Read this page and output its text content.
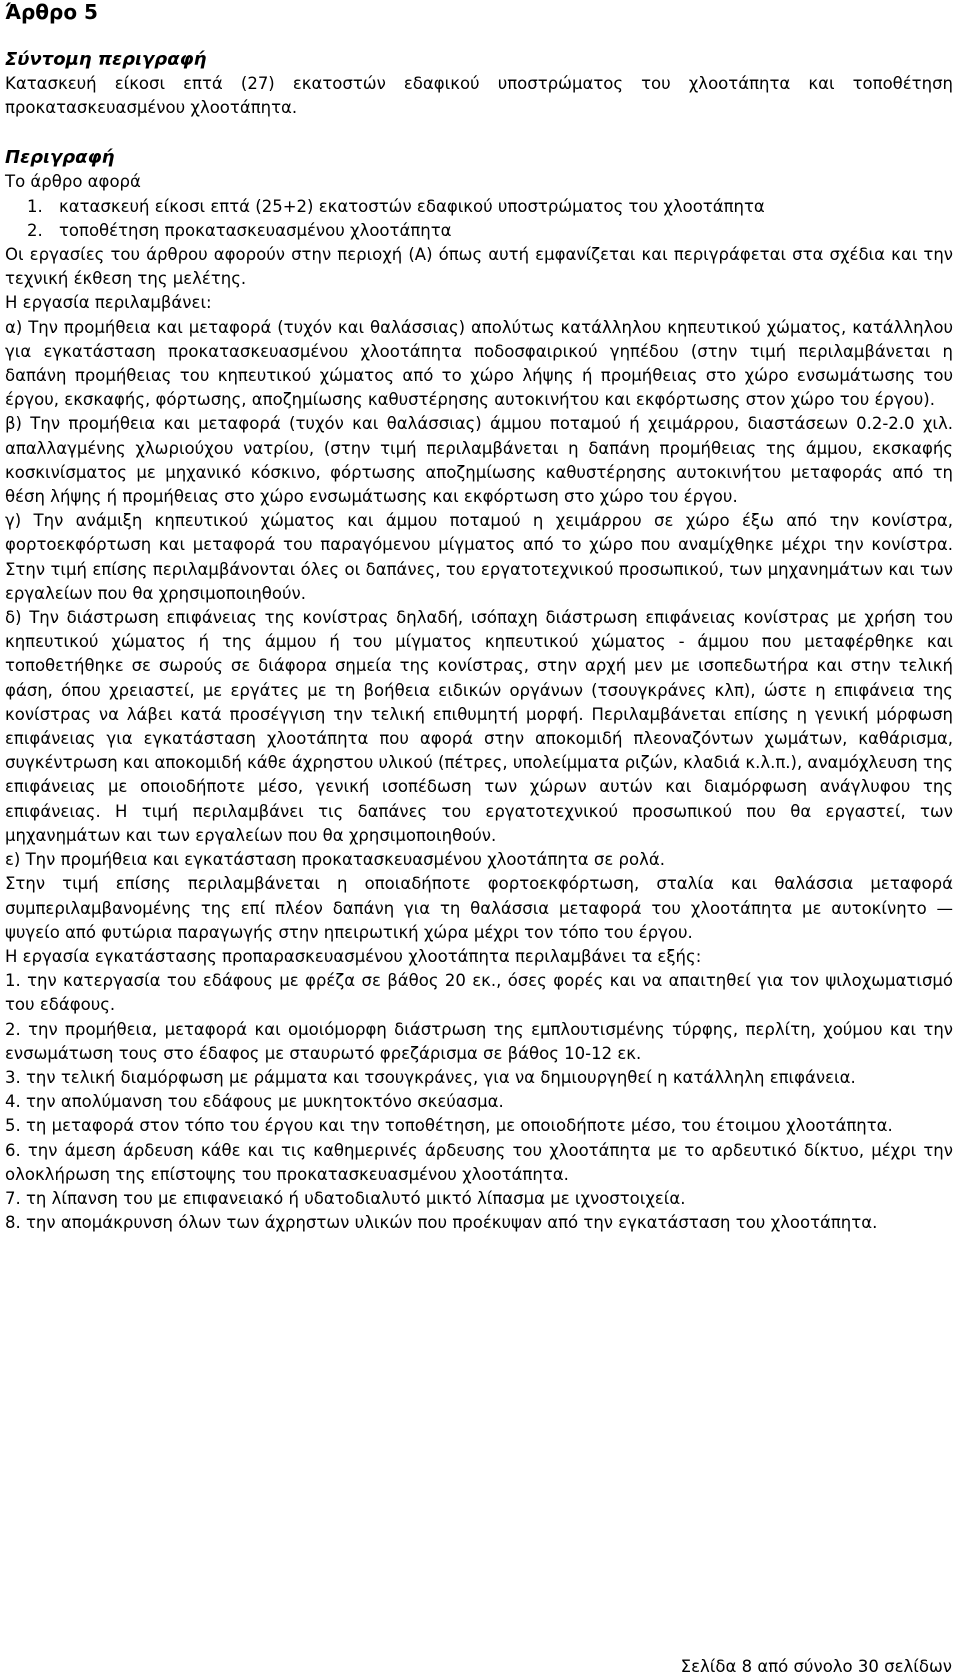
Άρθρο 5
Σύντομη περιγραφή

Κατασκευή είκοσι επτά (27) εκατοστών εδαφικού υποστρώματος του χλοοτάπητα και τοποθέτηση προκατασκευασμένου χλοοτάπητα.

Περιγραφή

Το άρθρο αφορά

1. κατασκευή είκοσι επτά (25+2) εκατοστών εδαφικού υποστρώματος του χλοοτάπητα
2. τοποθέτηση προκατασκευασμένου χλοοτάπητα

Οι εργασίες του άρθρου αφορούν στην περιοχή (Α) όπως αυτή εμφανίζεται και περιγράφεται στα σχέδια και την τεχνική έκθεση της μελέτης.

Η εργασία περιλαμβάνει:

α) Την προμήθεια και μεταφορά (τυχόν και θαλάσσιας) απολύτως κατάλληλου κηπευτικού χώματος, κατάλληλου για εγκατάσταση προκατασκευασμένου χλοοτάπητα ποδοσφαιρικού γηπέδου (στην τιμή περιλαμβάνεται η δαπάνη προμήθειας του κηπευτικού χώματος από το χώρο λήψης ή προμήθειας στο χώρο ενσωμάτωσης του έργου, εκσκαφής, φόρτωσης, αποζημίωσης καθυστέρησης αυτοκινήτου και εκφόρτωσης στον χώρο του έργου).

β) Την προμήθεια και μεταφορά (τυχόν και θαλάσσιας) άμμου ποταμού ή χειμάρρου, διαστάσεων 0.2-2.0 χιλ. απαλλαγμένης χλωριούχου νατρίου, (στην τιμή περιλαμβάνεται η δαπάνη προμήθειας της άμμου, εκσκαφής κοσκινίσματος με μηχανικό κόσκινο, φόρτωσης αποζημίωσης καθυστέρησης αυτοκινήτου μεταφοράς από τη θέση λήψης ή προμήθειας στο χώρο ενσωμάτωσης και εκφόρτωση στο χώρο του έργου.

γ) Την ανάμιξη κηπευτικού χώματος και άμμου ποταμού η χειμάρρου σε χώρο έξω από την κονίστρα, φορτοεκφόρτωση και μεταφορά του παραγόμενου μίγματος από το χώρο που αναμίχθηκε μέχρι την κονίστρα. Στην τιμή επίσης περιλαμβάνονται όλες οι δαπάνες, του εργατοτεχνικού προσωπικού, των μηχανημάτων και των εργαλείων που θα χρησιμοποιηθούν.

δ) Την διάστρωση επιφάνειας της κονίστρας δηλαδή, ισόπαχη διάστρωση επιφάνειας κονίστρας με χρήση του κηπευτικού χώματος ή της άμμου ή του μίγματος κηπευτικού χώματος - άμμου που μεταφέρθηκε και τοποθετήθηκε σε σωρούς σε διάφορα σημεία της κονίστρας, στην αρχή μεν με ισοπεδωτήρα και στην τελική φάση, όπου χρειαστεί, με εργάτες με τη βοήθεια ειδικών οργάνων (τσουγκράνες κλπ), ώστε η επιφάνεια της κονίστρας να λάβει κατά προσέγγιση την τελική επιθυμητή μορφή. Περιλαμβάνεται επίσης η γενική μόρφωση επιφάνειας για εγκατάσταση χλοοτάπητα που αφορά στην αποκομιδή πλεοναζόντων χωμάτων, καθάρισμα, συγκέντρωση και αποκομιδή κάθε άχρηστου υλικού (πέτρες, υπολείμματα ριζών, κλαδιά κ.λ.π.), αναμόχλευση της επιφάνειας με οποιοδήποτε μέσο, γενική ισοπέδωση των χώρων αυτών και διαμόρφωση ανάγλυφου της επιφάνειας. Η τιμή περιλαμβάνει τις δαπάνες του εργατοτεχνικού προσωπικού που θα εργαστεί, των μηχανημάτων και των εργαλείων που θα χρησιμοποιηθούν.

ε) Την προμήθεια και εγκατάσταση προκατασκευασμένου χλοοτάπητα σε ρολά.

Στην τιμή επίσης περιλαμβάνεται η οποιαδήποτε φορτοεκφόρτωση, σταλία και θαλάσσια μεταφορά συμπεριλαμβανομένης της επί πλέον δαπάνη για τη θαλάσσια μεταφορά του χλοοτάπητα με αυτοκίνητο — ψυγείο από φυτώρια παραγωγής στην ηπειρωτική χώρα μέχρι τον τόπο του έργου.

Η εργασία εγκατάστασης προπαρασκευασμένου χλοοτάπητα περιλαμβάνει τα εξής:

1. την κατεργασία του εδάφους με φρέζα σε βάθος 20 εκ., όσες φορές και να απαιτηθεί για τον ψιλοχωματισμό του εδάφους.

2. την προμήθεια, μεταφορά και ομοιόμορφη διάστρωση της εμπλουτισμένης τύρφης, περλίτη, χούμου και την ενσωμάτωση τους στο έδαφος με σταυρωτό φρεζάρισμα σε βάθος 10-12 εκ.

3. την τελική διαμόρφωση με ράμματα και τσουγκράνες, για να δημιουργηθεί η κατάλληλη επιφάνεια.

4. την απολύμανση του εδάφους με μυκητοκτόνο σκεύασμα.

5. τη μεταφορά στον τόπο του έργου και την τοποθέτηση, με οποιοδήποτε μέσο, του έτοιμου χλοοτάπητα.

6. την άμεση άρδευση κάθε και τις καθημερινές άρδευσης του χλοοτάπητα με το αρδευτικό δίκτυο, μέχρι την ολοκλήρωση της επίστοψης του προκατασκευασμένου χλοοτάπητα.

7. τη λίπανση του με επιφανειακό ή υδατοδιαλυτό μικτό λίπασμα με ιχνοστοιχεία.

8. την απομάκρυνση όλων των άχρηστων υλικών που προέκυψαν από την εγκατάσταση του χλοοτάπητα.

Σελίδα 8 από σύνολο 30 σελίδων
